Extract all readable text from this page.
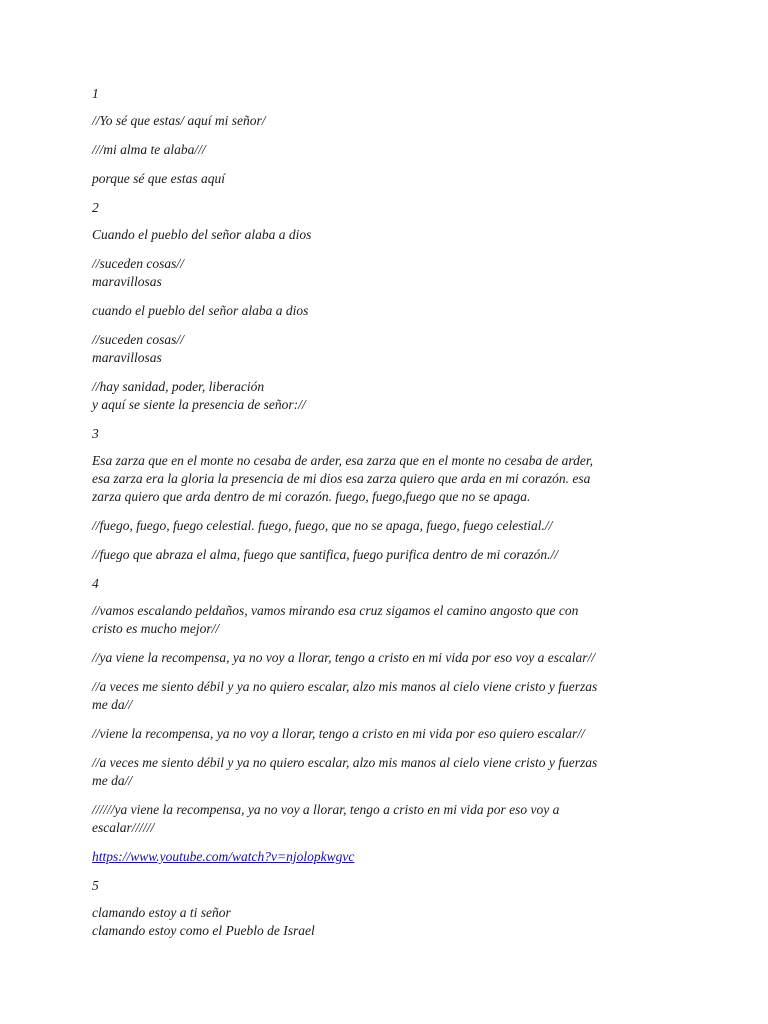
1

//Yo sé que estas/ aquí mi señor/

///mi alma te alaba///

porque sé que estas aquí

2

Cuando el pueblo del señor alaba a dios

//suceden cosas//
maravillosas

cuando el pueblo del señor alaba a dios

//suceden cosas//
maravillosas

//hay sanidad, poder, liberación
y aquí se siente la presencia de señor://

3

Esa zarza que en el monte no cesaba de arder, esa zarza que en el monte no cesaba de arder,
esa zarza era la gloria la presencia de mi dios esa zarza quiero que arda en mi corazón. esa
zarza quiero que arda dentro de mi corazón. fuego, fuego,fuego que no se apaga.

//fuego, fuego, fuego celestial. fuego, fuego, que no se apaga, fuego, fuego celestial.//

//fuego que abraza el alma, fuego que santifica, fuego purifica dentro de mi corazón.//

4

//vamos escalando peldaños, vamos mirando esa cruz sigamos el camino angosto que con
cristo es mucho mejor//

//ya viene la recompensa, ya no voy a llorar, tengo a cristo en mi vida por eso voy a escalar//

//a veces me siento débil y ya no quiero escalar, alzo mis manos al cielo viene cristo y fuerzas
me da//

//viene la recompensa, ya no voy a llorar, tengo a cristo en mi vida por eso quiero escalar//

//a veces me siento débil y ya no quiero escalar, alzo mis manos al cielo viene cristo y fuerzas
me da//

//////ya viene la recompensa, ya no voy a llorar, tengo a cristo en mi vida por eso voy a
escalar//////

https://www.youtube.com/watch?v=njolopkwgvc

5

clamando estoy a ti señor
clamando estoy como el Pueblo de Israel
